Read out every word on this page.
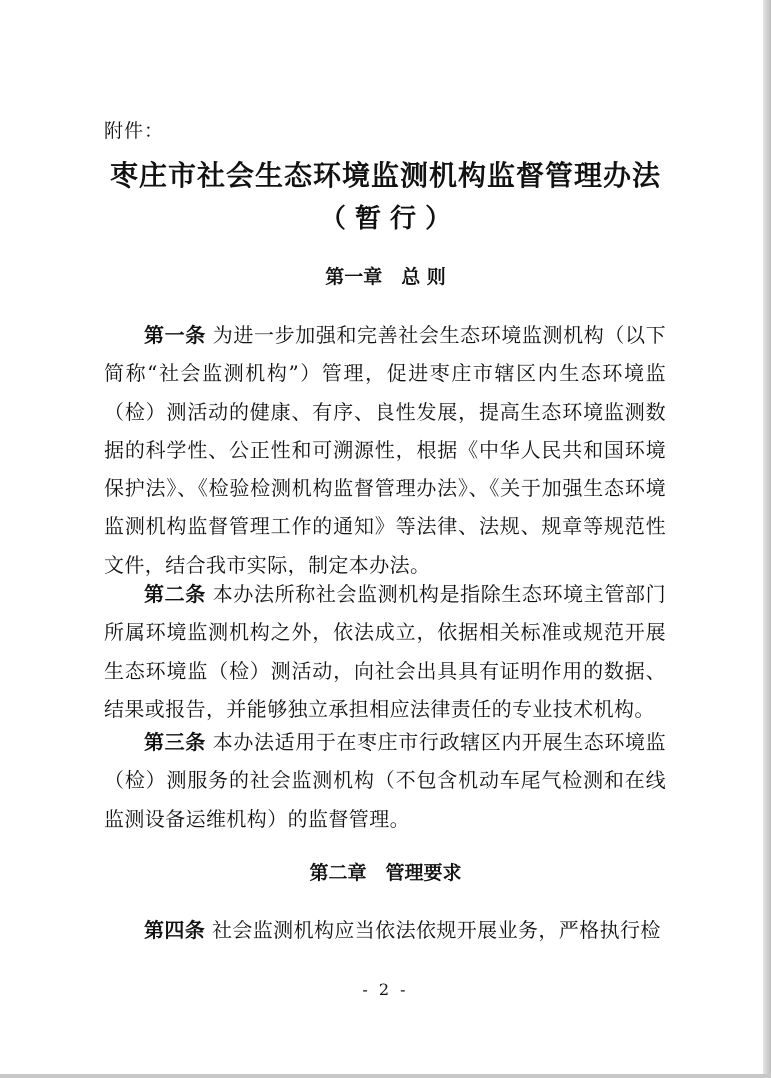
附件：
枣庄市社会生态环境监测机构监督管理办法
（ 暂 行 ）
第一章　总 则
第一条 为进一步加强和完善社会生态环境监测机构（以下简称“社会监测机构”）管理，促进枣庄市辖区内生态环境监（检）测活动的健康、有序、良性发展，提高生态环境监测数据的科学性、公正性和可溯源性，根据《中华人民共和国环境保护法》、《检验检测机构监督管理办法》、《关于加强生态环境监测机构监督管理工作的通知》等法律、法规、规章等规范性文件，结合我市实际，制定本办法。
第二条 本办法所称社会监测机构是指除生态环境主管部门所属环境监测机构之外，依法成立，依据相关标准或规范开展生态环境监（检）测活动，向社会出具具有证明作用的数据、结果或报告，并能够独立承担相应法律责任的专业技术机构。
第三条 本办法适用于在枣庄市行政辖区内开展生态环境监（检）测服务的社会监测机构（不包含机动车尾气检测和在线监测设备运维机构）的监督管理。
第二章　管理要求
第四条 社会监测机构应当依法依规开展业务，严格执行检
- 2 -
